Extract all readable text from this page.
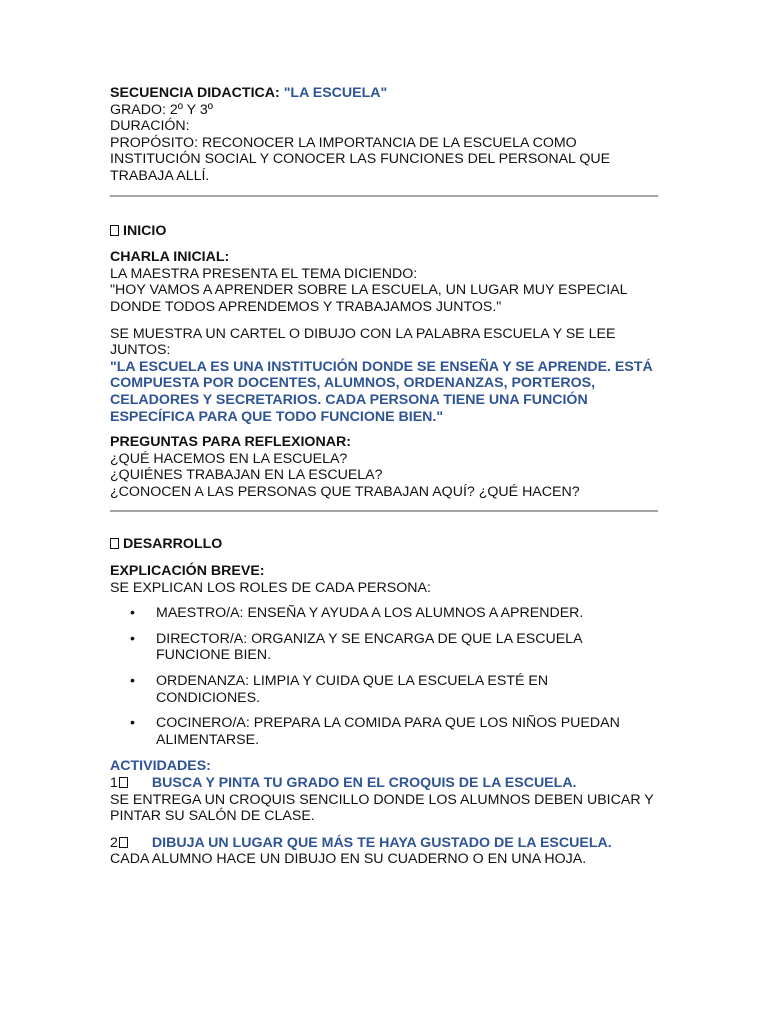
SECUENCIA DIDACTICA: "LA ESCUELA"
GRADO: 2º Y 3º
DURACIÓN:
PROPÓSITO: RECONOCER LA IMPORTANCIA DE LA ESCUELA COMO
INSTITUCIÓN SOCIAL Y CONOCER LAS FUNCIONES DEL PERSONAL QUE
TRABAJA ALLÍ.
INICIO
CHARLA INICIAL:
LA MAESTRA PRESENTA EL TEMA DICIENDO:
"HOY VAMOS A APRENDER SOBRE LA ESCUELA, UN LUGAR MUY ESPECIAL
DONDE TODOS APRENDEMOS Y TRABAJAMOS JUNTOS."
SE MUESTRA UN CARTEL O DIBUJO CON LA PALABRA ESCUELA Y SE LEE
JUNTOS:
"LA ESCUELA ES UNA INSTITUCIÓN DONDE SE ENSEÑA Y SE APRENDE. ESTÁ
COMPUESTA POR DOCENTES, ALUMNOS, ORDENANZAS, PORTEROS,
CELADORES Y SECRETARIOS. CADA PERSONA TIENE UNA FUNCIÓN
ESPECÍFICA PARA QUE TODO FUNCIONE BIEN."
PREGUNTAS PARA REFLEXIONAR:
¿QUÉ HACEMOS EN LA ESCUELA?
¿QUIÉNES TRABAJAN EN LA ESCUELA?
¿CONOCEN A LAS PERSONAS QUE TRABAJAN AQUÍ? ¿QUÉ HACEN?
DESARROLLO
EXPLICACIÓN BREVE:
SE EXPLICAN LOS ROLES DE CADA PERSONA:
• MAESTRO/A: ENSEÑA Y AYUDA A LOS ALUMNOS A APRENDER.
• DIRECTOR/A: ORGANIZA Y SE ENCARGA DE QUE LA ESCUELA
FUNCIONE BIEN.
• ORDENANZA: LIMPIA Y CUIDA QUE LA ESCUELA ESTÉ EN
CONDICIONES.
• COCINERO/A: PREPARA LA COMIDA PARA QUE LOS NIÑOS PUEDAN
ALIMENTARSE.
ACTIVIDADES:
1 BUSCA Y PINTA TU GRADO EN EL CROQUIS DE LA ESCUELA.
SE ENTREGA UN CROQUIS SENCILLO DONDE LOS ALUMNOS DEBEN UBICAR Y
PINTAR SU SALÓN DE CLASE.
2 DIBUJA UN LUGAR QUE MÁS TE HAYA GUSTADO DE LA ESCUELA.
CADA ALUMNO HACE UN DIBUJO EN SU CUADERNO O EN UNA HOJA.
